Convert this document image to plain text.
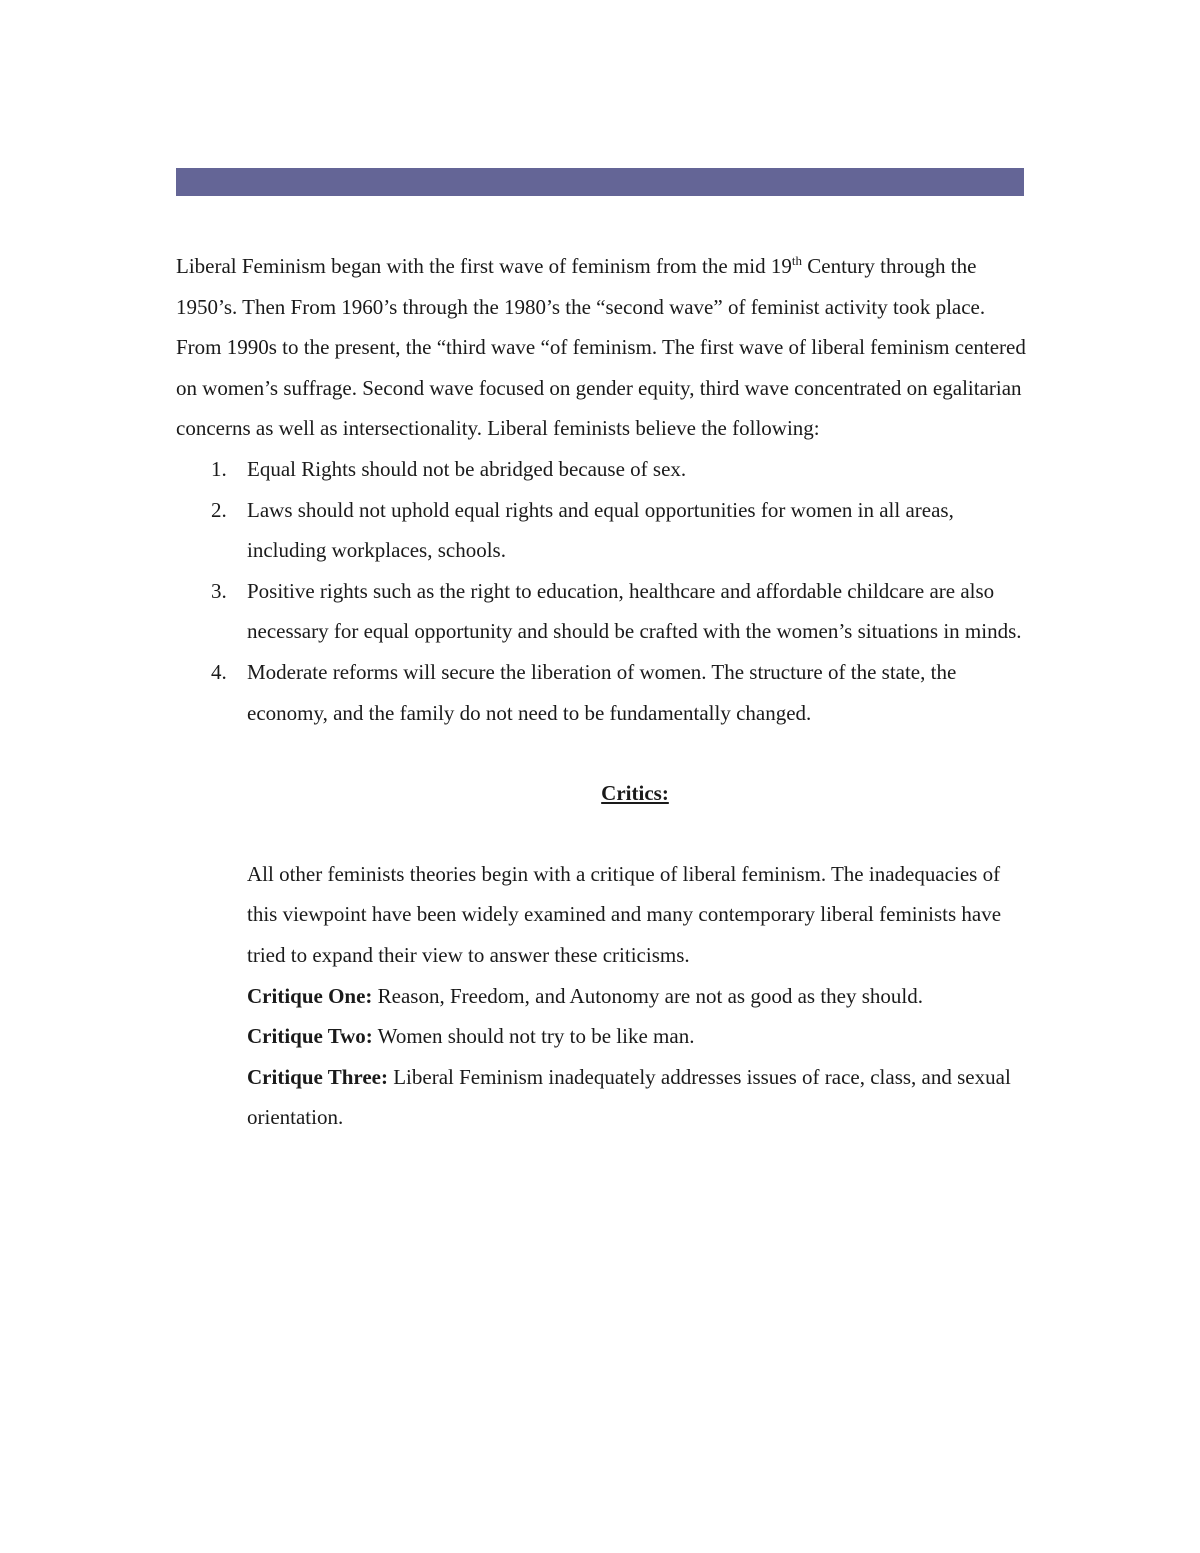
Liberal Feminism began with the first wave of feminism from the mid 19th Century through the 1950’s. Then From 1960’s through the 1980’s the “second wave” of feminist activity took place. From 1990s to the present, the “third wave “of feminism. The first wave of liberal feminism centered on women’s suffrage. Second wave focused on gender equity, third wave concentrated on egalitarian concerns as well as intersectionality. Liberal feminists believe the following:

1. Equal Rights should not be abridged because of sex.
2. Laws should not uphold equal rights and equal opportunities for women in all areas, including workplaces, schools.
3. Positive rights such as the right to education, healthcare and affordable childcare are also necessary for equal opportunity and should be crafted with the women’s situations in minds.
4. Moderate reforms will secure the liberation of women. The structure of the state, the economy, and the family do not need to be fundamentally changed.

Critics:

All other feminists theories begin with a critique of liberal feminism. The inadequacies of this viewpoint have been widely examined and many contemporary liberal feminists have tried to expand their view to answer these criticisms.

Critique One: Reason, Freedom, and Autonomy are not as good as they should.

Critique Two: Women should not try to be like man.

Critique Three: Liberal Feminism inadequately addresses issues of race, class, and sexual orientation.
